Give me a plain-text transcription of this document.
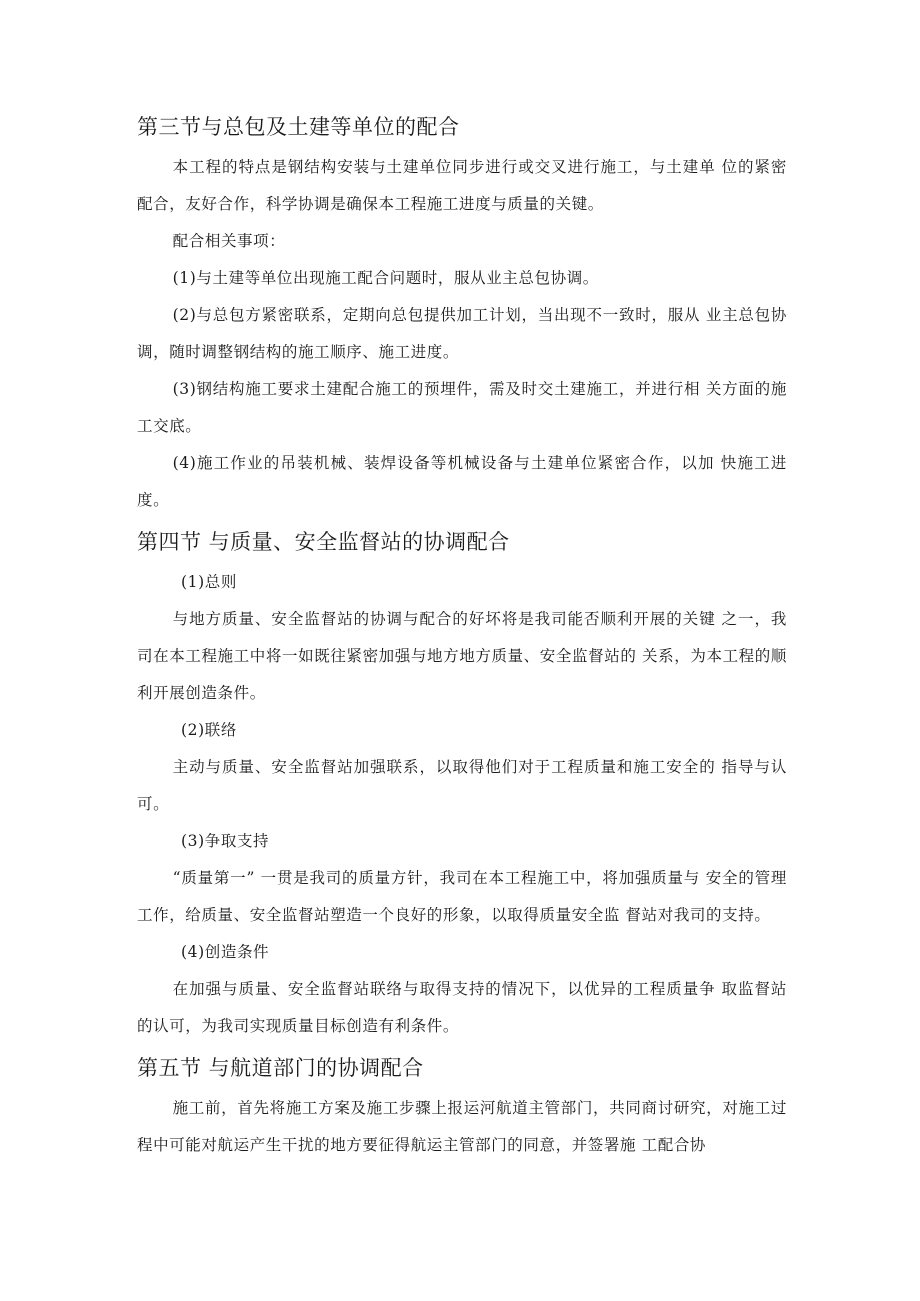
第三节与总包及土建等单位的配合

本工程的特点是钢结构安装与土建单位同步进行或交叉进行施工，与土建单 位的紧密配合，友好合作，科学协调是确保本工程施工进度与质量的关键。

配合相关事项：

(1)与土建等单位出现施工配合问题时，服从业主总包协调。

(2)与总包方紧密联系，定期向总包提供加工计划，当出现不一致时，服从 业主总包协调，随时调整钢结构的施工顺序、施工进度。

(3)钢结构施工要求土建配合施工的预埋件，需及时交土建施工，并进行相 关方面的施工交底。

(4)施工作业的吊装机械、装焊设备等机械设备与土建单位紧密合作，以加 快施工进度。

第四节 与质量、安全监督站的协调配合

(1)总则

与地方质量、安全监督站的协调与配合的好坏将是我司能否顺利开展的关键 之一，我司在本工程施工中将一如既往紧密加强与地方地方质量、安全监督站的 关系，为本工程的顺利开展创造条件。

(2)联络

主动与质量、安全监督站加强联系，以取得他们对于工程质量和施工安全的 指导与认可。

(3)争取支持

“质量第一” 一贯是我司的质量方针，我司在本工程施工中，将加强质量与 安全的管理工作，给质量、安全监督站塑造一个良好的形象，以取得质量安全监 督站对我司的支持。

(4)创造条件

在加强与质量、安全监督站联络与取得支持的情况下，以优异的工程质量争 取监督站的认可，为我司实现质量目标创造有利条件。

第五节 与航道部门的协调配合

施工前，首先将施工方案及施工步骤上报运河航道主管部门，共同商讨研究，对施工过程中可能对航运产生干扰的地方要征得航运主管部门的同意，并签署施 工配合协
